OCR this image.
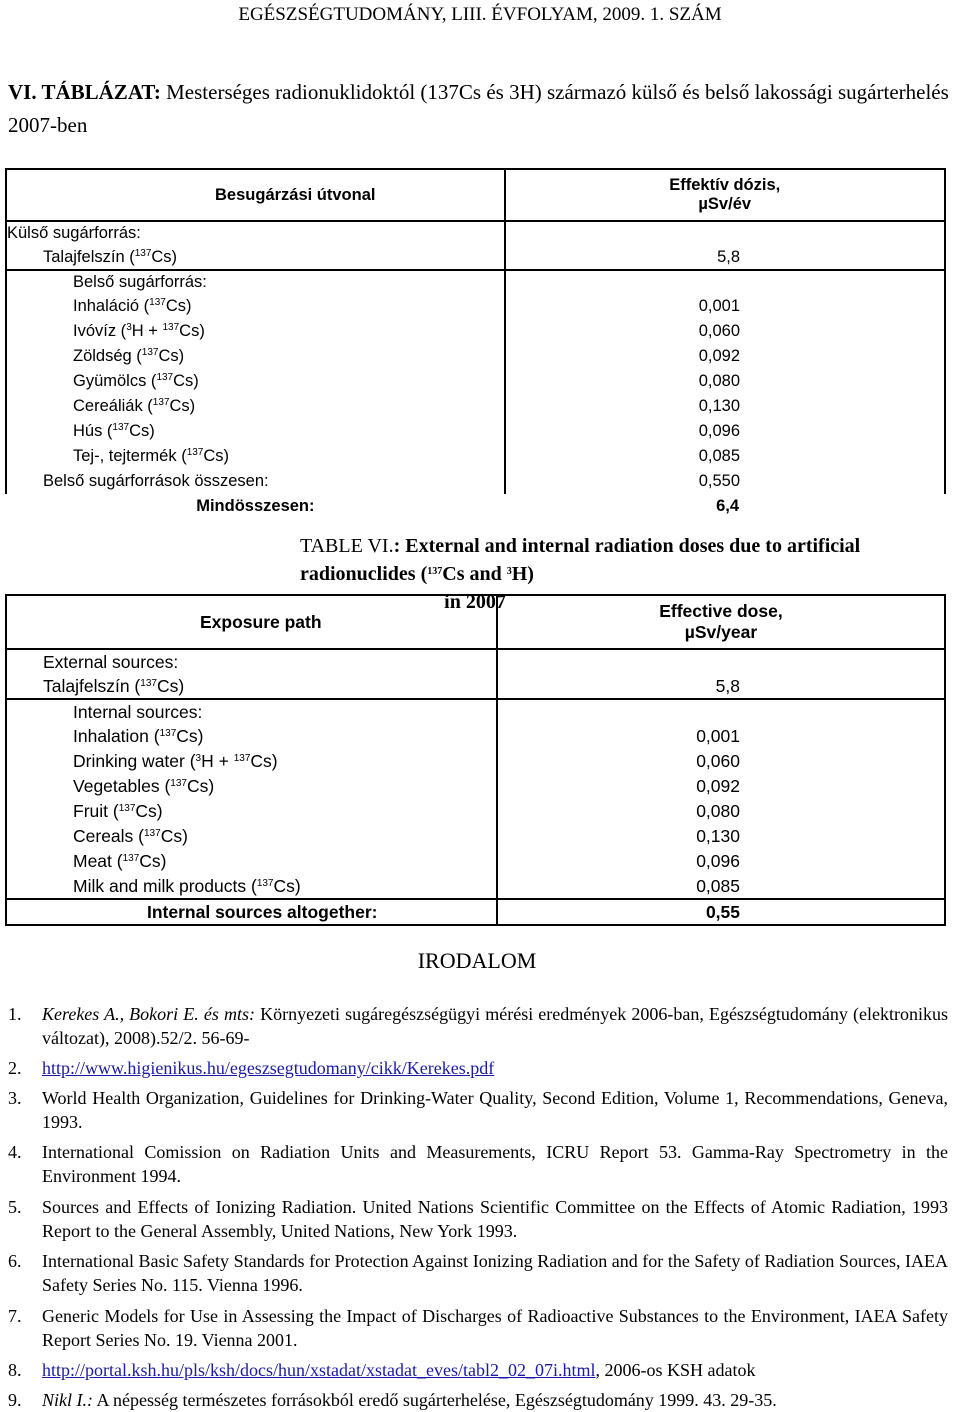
EGÉSZSÉGTUDOMÁNY, LIII. ÉVFOLYAM, 2009. 1. SZÁM
VI. TÁBLÁZAT: Mesterséges radionuklidoktól (137Cs és 3H) származó külső és belső lakossági sugárterhelés 2007-ben
Besugárzási útvonal	Effektív dózis,
µSv/év

Külső sugárforrás:	
Talajfelszín ($^{137}$Cs)	5,8
Belső sugárforrás:	
Inhaláció ($^{137}$Cs)	0,001
Ivóvíz ($^3$H + $^{137}$Cs)	0,060
Zöldség ($^{137}$Cs)	0,092
Gyümölcs ($^{137}$Cs)	0,080
Cereáliák ($^{137}$Cs)	0,130
Hús ($^{137}$Cs)	0,096
Tej-, tejtermék ($^{137}$Cs)	0,085
Belső sugárforrások összesen:	0,550
Mindösszesen:	6,4
TABLE VI.: External and internal radiation doses due to artificial radionuclides ($^{137}$Cs and $^3$H)
in 2007
Exposure path	Effective dose,
µSv/year

External sources:	
Talajfelszín ($^{137}$Cs)	5,8
Internal sources:	
Inhalation ($^{137}$Cs)	0,001
Drinking water ($^3$H + $^{137}$Cs)	0,060
Vegetables ($^{137}$Cs)	0,092
Fruit ($^{137}$Cs)	0,080
Cereals ($^{137}$Cs)	0,130
Meat ($^{137}$Cs)	0,096
Milk and milk products ($^{137}$Cs)	0,085
Internal sources altogether:	0,55
IRODALOM
1. Kerekes A., Bokori E. és mts: Környezeti sugáregészségügyi mérési eredmények 2006-ban, Egészségtudomány (elektronikus változat), 2008).52/2. 56-69-
2. http://www.higienikus.hu/egeszsegtudomany/cikk/Kerekes.pdf
3. World Health Organization, Guidelines for Drinking-Water Quality, Second Edition, Volume 1, Recommendations, Geneva, 1993.
4. International Comission on Radiation Units and Measurements, ICRU Report 53. Gamma-Ray Spectrometry in the Environment 1994.
5. Sources and Effects of Ionizing Radiation. United Nations Scientific Committee on the Effects of Atomic Radiation, 1993 Report to the General Assembly, United Nations, New York 1993.
6. International Basic Safety Standards for Protection Against Ionizing Radiation and for the Safety of Radiation Sources, IAEA Safety Series No. 115. Vienna 1996.
7. Generic Models for Use in Assessing the Impact of Discharges of Radioactive Substances to the Environment, IAEA Safety Report Series No. 19. Vienna 2001.
8. http://portal.ksh.hu/pls/ksh/docs/hun/xstadat/xstadat_eves/tabl2_02_07i.html, 2006-os KSH adatok
9. Nikl I.: A népesség természetes forrásokból eredő sugárterhelése, Egészségtudomány 1999. 43. 29-35.
